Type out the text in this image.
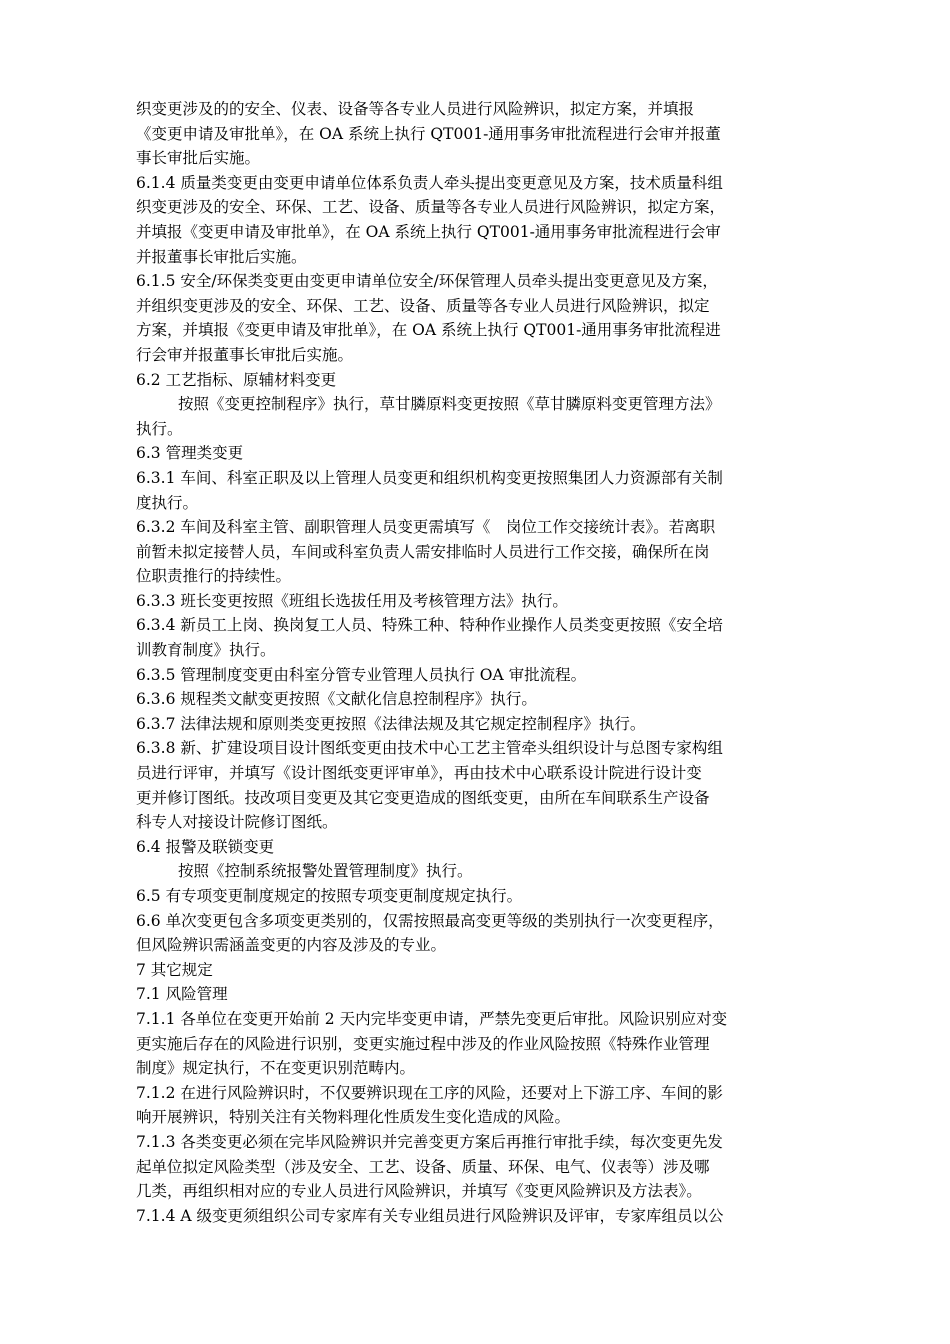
织变更涉及的的安全、仪表、设备等各专业人员进行风险辨识，拟定方案，并填报
《变更申请及审批单》，在 OA 系统上执行 QT001-通用事务审批流程进行会审并报董
事长审批后实施。
6.1.4 质量类变更由变更申请单位体系负责人牵头提出变更意见及方案，技术质量科组
织变更涉及的安全、环保、工艺、设备、质量等各专业人员进行风险辨识，拟定方案，
并填报《变更申请及审批单》，在 OA 系统上执行 QT001-通用事务审批流程进行会审
并报董事长审批后实施。
6.1.5 安全/环保类变更由变更申请单位安全/环保管理人员牵头提出变更意见及方案，
并组织变更涉及的安全、环保、工艺、设备、质量等各专业人员进行风险辨识，拟定
方案，并填报《变更申请及审批单》，在 OA 系统上执行 QT001-通用事务审批流程进
行会审并报董事长审批后实施。
6.2 工艺指标、原辅材料变更
按照《变更控制程序》执行，草甘膦原料变更按照《草甘膦原料变更管理方法》
执行。
6.3 管理类变更
6.3.1 车间、科室正职及以上管理人员变更和组织机构变更按照集团人力资源部有关制
度执行。
6.3.2 车间及科室主管、副职管理人员变更需填写《　岗位工作交接统计表》。若离职
前暂未拟定接替人员，车间或科室负责人需安排临时人员进行工作交接，确保所在岗
位职责推行的持续性。
6.3.3 班长变更按照《班组长选拔任用及考核管理方法》执行。
6.3.4 新员工上岗、换岗复工人员、特殊工种、特种作业操作人员类变更按照《安全培
训教育制度》执行。
6.3.5 管理制度变更由科室分管专业管理人员执行 OA 审批流程。
6.3.6 规程类文献变更按照《文献化信息控制程序》执行。
6.3.7 法律法规和原则类变更按照《法律法规及其它规定控制程序》执行。
6.3.8 新、扩建设项目设计图纸变更由技术中心工艺主管牵头组织设计与总图专家构组
员进行评审，并填写《设计图纸变更评审单》，再由技术中心联系设计院进行设计变
更并修订图纸。技改项目变更及其它变更造成的图纸变更，由所在车间联系生产设备
科专人对接设计院修订图纸。
6.4 报警及联锁变更
按照《控制系统报警处置管理制度》执行。
6.5 有专项变更制度规定的按照专项变更制度规定执行。
6.6 单次变更包含多项变更类别的，仅需按照最高变更等级的类别执行一次变更程序，
但风险辨识需涵盖变更的内容及涉及的专业。
7 其它规定
7.1 风险管理
7.1.1 各单位在变更开始前 2 天内完毕变更申请，严禁先变更后审批。风险识别应对变
更实施后存在的风险进行识别，变更实施过程中涉及的作业风险按照《特殊作业管理
制度》规定执行，不在变更识别范畴内。
7.1.2 在进行风险辨识时，不仅要辨识现在工序的风险，还要对上下游工序、车间的影
响开展辨识，特别关注有关物料理化性质发生变化造成的风险。
7.1.3 各类变更必须在完毕风险辨识并完善变更方案后再推行审批手续，每次变更先发
起单位拟定风险类型（涉及安全、工艺、设备、质量、环保、电气、仪表等）涉及哪
几类，再组织相对应的专业人员进行风险辨识，并填写《变更风险辨识及方法表》。
7.1.4 A 级变更须组织公司专家库有关专业组员进行风险辨识及评审，专家库组员以公
